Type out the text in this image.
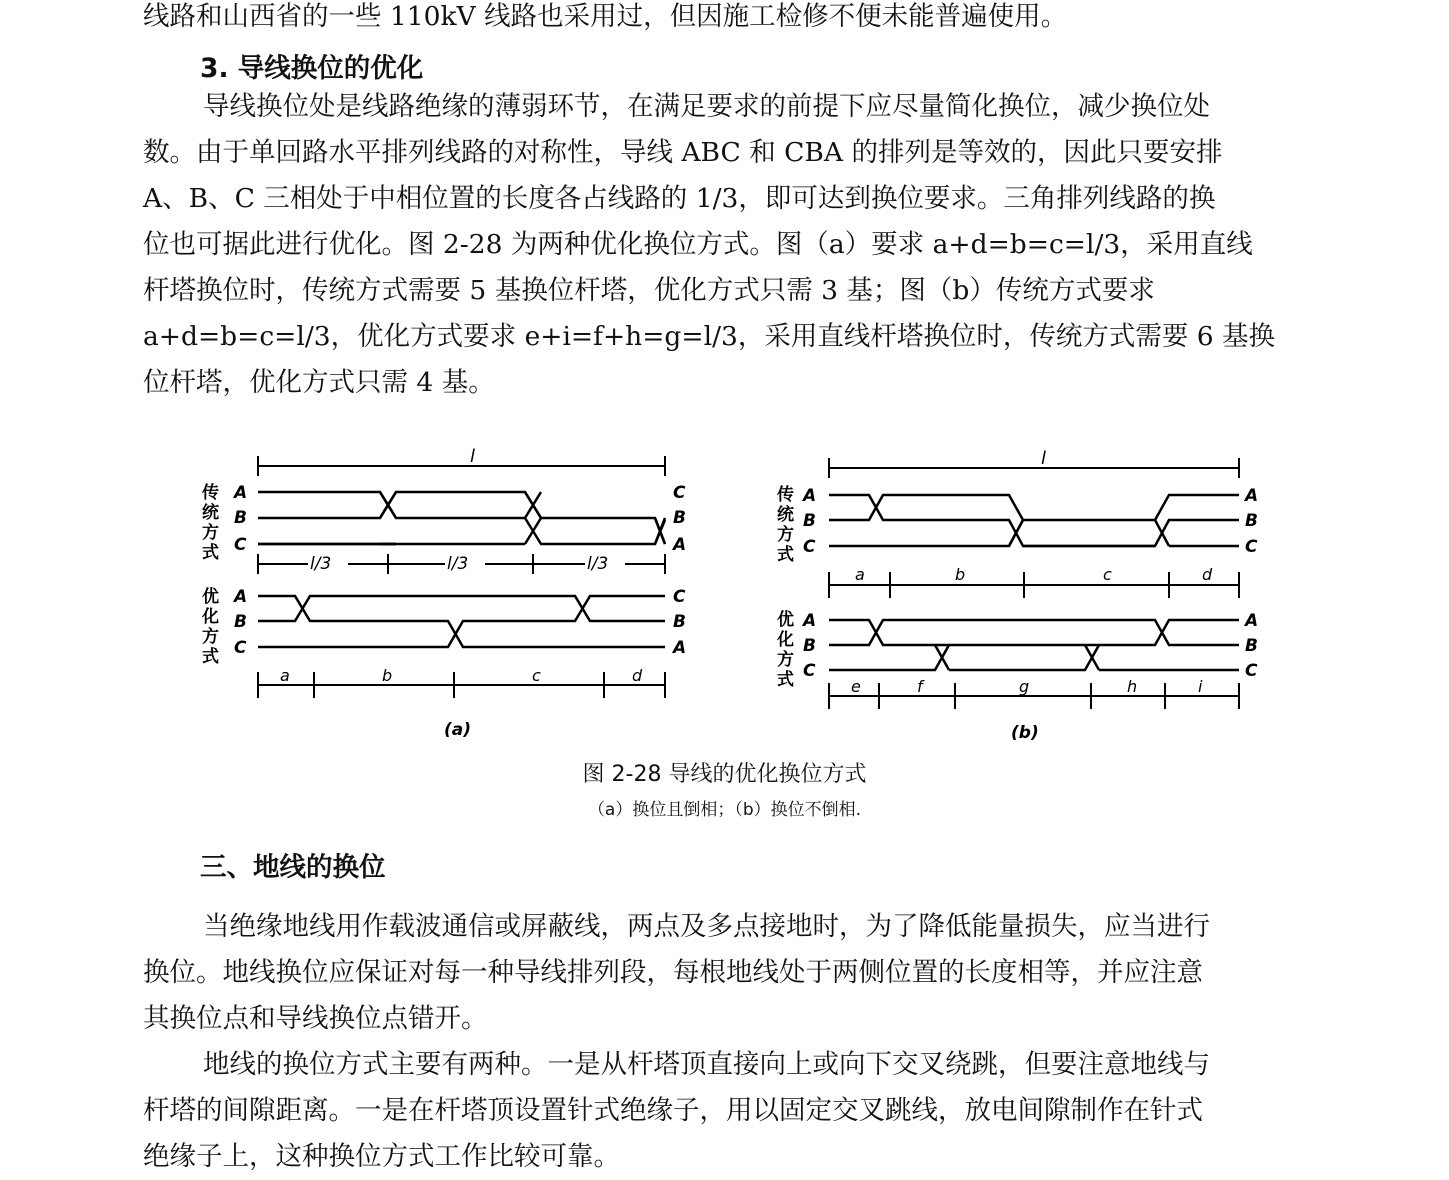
线路和山西省的一些 110kV 线路也采用过，但因施工检修不便未能普遍使用。
3. 导线换位的优化
导线换位处是线路绝缘的薄弱环节，在满足要求的前提下应尽量简化换位，减少换位处
数。由于单回路水平排列线路的对称性，导线 ABC 和 CBA 的排列是等效的，因此只要安排
A、B、C 三相处于中相位置的长度各占线路的 1/3，即可达到换位要求。三角排列线路的换
位也可据此进行优化。图 2-28 为两种优化换位方式。图（a）要求 a+d=b=c=l/3，采用直线
杆塔换位时，传统方式需要 5 基换位杆塔，优化方式只需 3 基；图（b）传统方式要求
a+d=b=c=l/3，优化方式要求 e+i=f+h=g=l/3，采用直线杆塔换位时，传统方式需要 6 基换
位杆塔，优化方式只需 4 基。
传
统
方
式
优
化
方
式
l
A
B
C
C
B
A
l/3	l/3	l/3
A
B
C
C
B
A
a	b	c	d
(a)
传
统
方
式
优
化
方
式
l
A
B
C
A
B
C
a	b	c	d
A
B
C
A
B
C
e	f	g	h	i
(b)
图 2-28 导线的优化换位方式
（a）换位且倒相；（b）换位不倒相.
三、地线的换位
当绝缘地线用作载波通信或屏蔽线，两点及多点接地时，为了降低能量损失，应当进行
换位。地线换位应保证对每一种导线排列段，每根地线处于两侧位置的长度相等，并应注意
其换位点和导线换位点错开。
地线的换位方式主要有两种。一是从杆塔顶直接向上或向下交叉绕跳，但要注意地线与
杆塔的间隙距离。一是在杆塔顶设置针式绝缘子，用以固定交叉跳线，放电间隙制作在针式
绝缘子上，这种换位方式工作比较可靠。
